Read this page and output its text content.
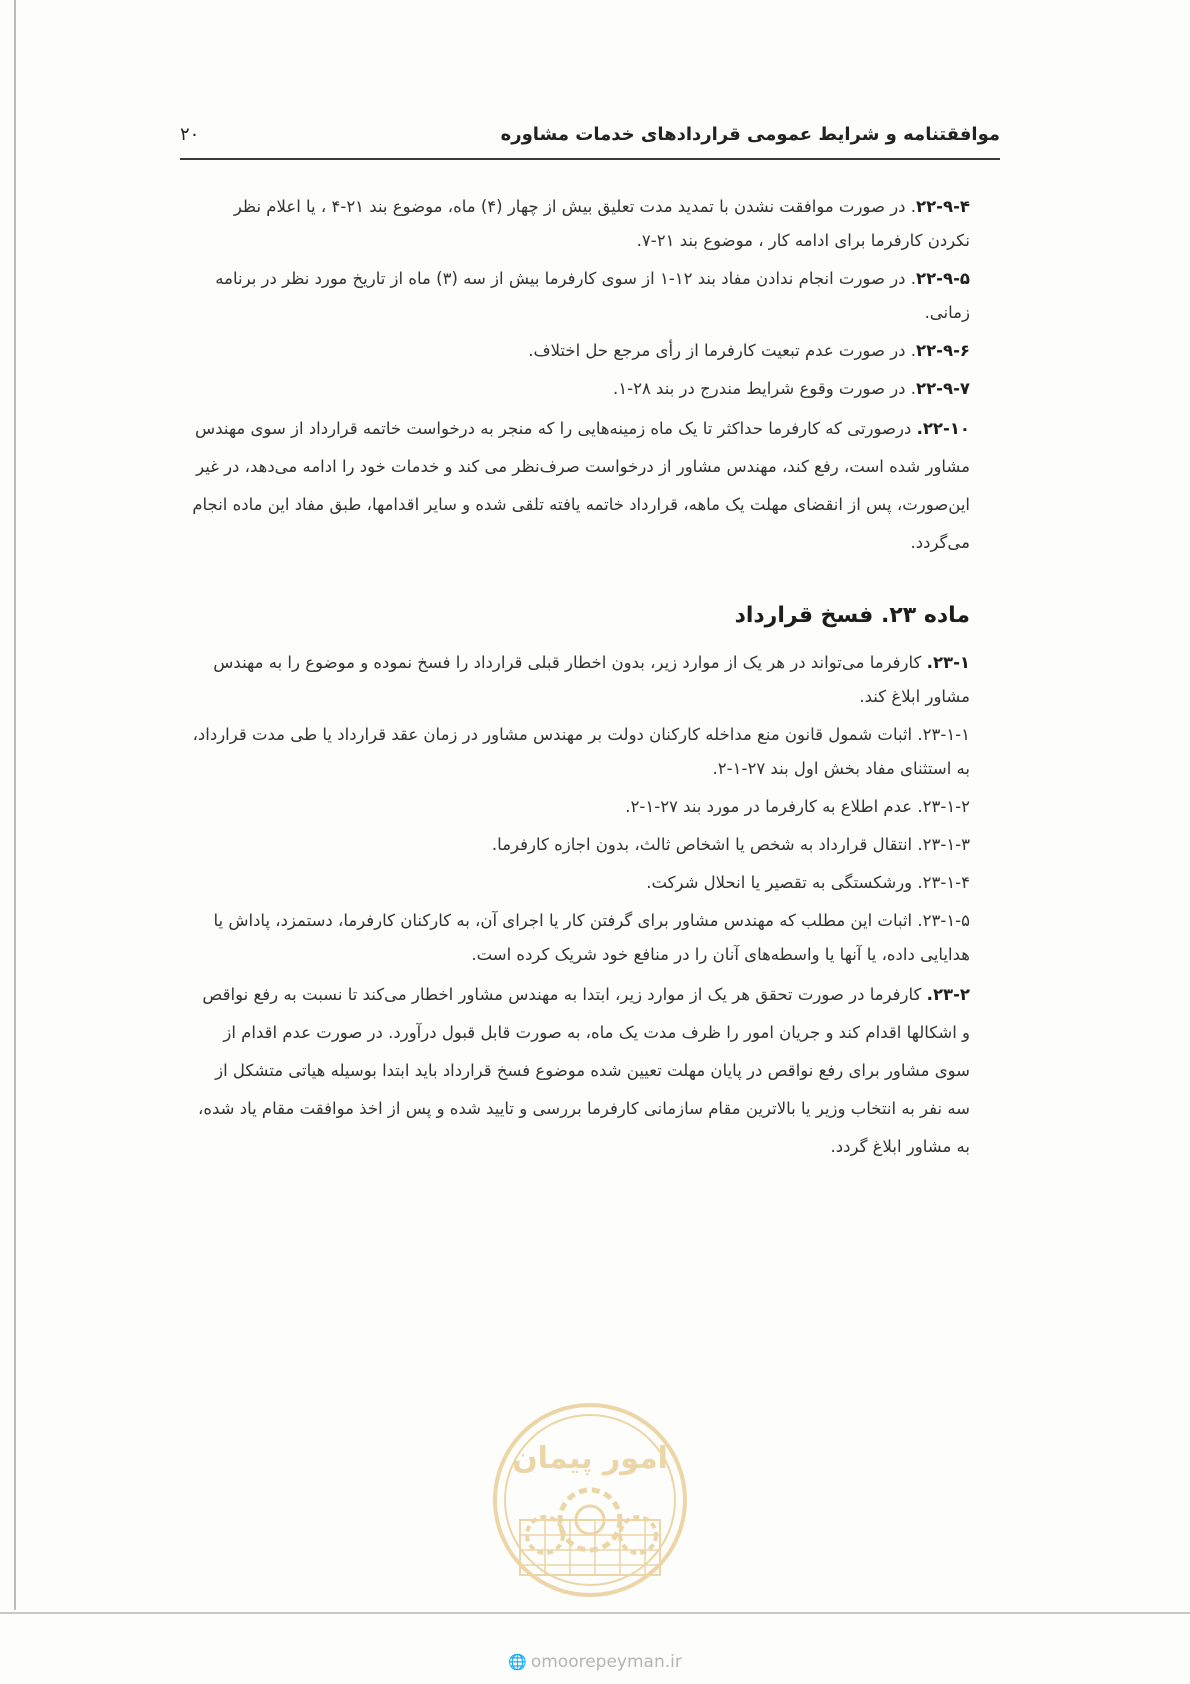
موافقتنامه و شرایط عمومی قراردادهای خدمات مشاوره
۲۰

۲۲-۹-۴. در صورت موافقت نشدن با تمدید مدت تعلیق بیش از چهار (۴) ماه، موضوع بند ۲۱-۴ ، یا اعلام نظر نکردن کارفرما برای ادامه کار ، موضوع بند ۲۱-۷.

۲۲-۹-۵. در صورت انجام ندادن مفاد بند ۱۲-۱ از سوی کارفرما بیش از سه (۳) ماه از تاریخ مورد نظر در برنامه زمانی.

۲۲-۹-۶. در صورت عدم تبعیت کارفرما از رأی مرجع حل اختلاف.

۲۲-۹-۷. در صورت وقوع شرایط مندرج در بند ۲۸-۱.

۲۲-۱۰. درصورتی که کارفرما حداکثر تا یک ماه زمینه‌هایی را که منجر به درخواست خاتمه قرارداد از سوی مهندس مشاور شده است، رفع کند، مهندس مشاور از درخواست صرف‌نظر می کند و خدمات خود را ادامه می‌دهد، در غیر این‌صورت، پس از انقضای مهلت یک ماهه، قرارداد خاتمه یافته تلقی شده و سایر اقدامها، طبق مفاد این ماده انجام می‌گردد.

ماده ۲۳. فسخ قرارداد

۲۳-۱. کارفرما می‌تواند در هر یک از موارد زیر، بدون اخطار قبلی قرارداد را فسخ نموده و موضوع را به مهندس مشاور ابلاغ کند.

۲۳-۱-۱. اثبات شمول قانون منع مداخله کارکنان دولت بر مهندس مشاور در زمان عقد قرارداد یا طی مدت قرارداد، به استثنای مفاد بخش اول بند ۲۷-۱-۲.

۲۳-۱-۲. عدم اطلاع به کارفرما در مورد بند ۲۷-۱-۲.

۲۳-۱-۳. انتقال قرارداد به شخص یا اشخاص ثالث، بدون اجازه کارفرما.

۲۳-۱-۴. ورشکستگی به تقصیر یا انحلال شرکت.

۲۳-۱-۵. اثبات این مطلب که مهندس مشاور برای گرفتن کار یا اجرای آن، به کارکنان کارفرما، دستمزد، پاداش یا هدایایی داده، یا آنها یا واسطه‌های آنان را در منافع خود شریک کرده است.

۲۳-۲. کارفرما در صورت تحقق هر یک از موارد زیر، ابتدا به مهندس مشاور اخطار می‌کند تا نسبت به رفع نواقص و اشکالها اقدام کند و جریان امور را ظرف مدت یک ماه، به صورت قابل قبول درآورد. در صورت عدم اقدام از سوی مشاور برای رفع نواقص در پایان مهلت تعیین شده موضوع فسخ قرارداد باید ابتدا بوسیله هیاتی متشکل از سه نفر به انتخاب وزیر یا بالاترین مقام سازمانی کارفرما بررسی و تایید شده و پس از اخذ موافقت مقام یاد شده، به مشاور ابلاغ گردد.

امور پیمان
🌐 omoorepeyman.ir
